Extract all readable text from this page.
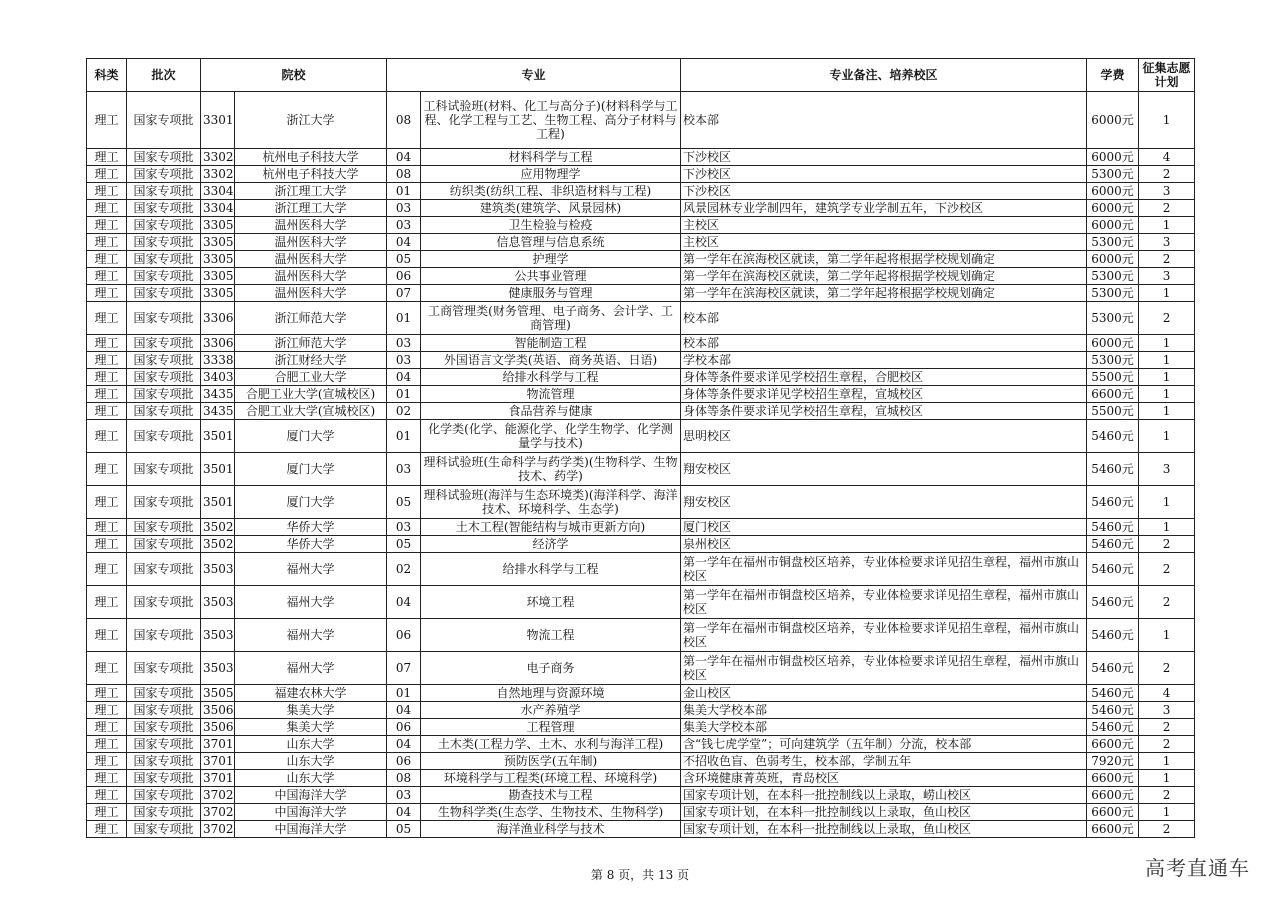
科类	批次	院校		专业		专业备注、培养校区	学费	征集志愿计划
理工	国家专项批	3301	浙江大学	08	工科试验班(材料、化工与高分子)(材料科学与工程、化学工程与工艺、生物工程、高分子材料与工程)	校本部	6000元	1
理工	国家专项批	3302	杭州电子科技大学	04	材料科学与工程	下沙校区	6000元	4
理工	国家专项批	3302	杭州电子科技大学	08	应用物理学	下沙校区	5300元	2
理工	国家专项批	3304	浙江理工大学	01	纺织类(纺织工程、非织造材料与工程)	下沙校区	6000元	3
理工	国家专项批	3304	浙江理工大学	03	建筑类(建筑学、风景园林)	风景园林专业学制四年，建筑学专业学制五年，下沙校区	6000元	2
理工	国家专项批	3305	温州医科大学	03	卫生检验与检疫	主校区	6000元	1
理工	国家专项批	3305	温州医科大学	04	信息管理与信息系统	主校区	5300元	3
理工	国家专项批	3305	温州医科大学	05	护理学	第一学年在滨海校区就读，第二学年起将根据学校规划确定	6000元	2
理工	国家专项批	3305	温州医科大学	06	公共事业管理	第一学年在滨海校区就读，第二学年起将根据学校规划确定	5300元	3
理工	国家专项批	3305	温州医科大学	07	健康服务与管理	第一学年在滨海校区就读，第二学年起将根据学校规划确定	5300元	1
理工	国家专项批	3306	浙江师范大学	01	工商管理类(财务管理、电子商务、会计学、工商管理)	校本部	5300元	2
理工	国家专项批	3306	浙江师范大学	03	智能制造工程	校本部	6000元	1
理工	国家专项批	3338	浙江财经大学	03	外国语言文学类(英语、商务英语、日语)	学校本部	5300元	1
理工	国家专项批	3403	合肥工业大学	04	给排水科学与工程	身体等条件要求详见学校招生章程，合肥校区	5500元	1
理工	国家专项批	3435	合肥工业大学(宣城校区)	01	物流管理	身体等条件要求详见学校招生章程，宣城校区	6600元	1
理工	国家专项批	3435	合肥工业大学(宣城校区)	02	食品营养与健康	身体等条件要求详见学校招生章程，宣城校区	5500元	1
理工	国家专项批	3501	厦门大学	01	化学类(化学、能源化学、化学生物学、化学测量学与技术)	思明校区	5460元	1
理工	国家专项批	3501	厦门大学	03	理科试验班(生命科学与药学类)(生物科学、生物技术、药学)	翔安校区	5460元	3
理工	国家专项批	3501	厦门大学	05	理科试验班(海洋与生态环境类)(海洋科学、海洋技术、环境科学、生态学)	翔安校区	5460元	1
理工	国家专项批	3502	华侨大学	03	土木工程(智能结构与城市更新方向)	厦门校区	5460元	1
理工	国家专项批	3502	华侨大学	05	经济学	泉州校区	5460元	2
理工	国家专项批	3503	福州大学	02	给排水科学与工程	第一学年在福州市铜盘校区培养，专业体检要求详见招生章程，福州市旗山校区	5460元	2
理工	国家专项批	3503	福州大学	04	环境工程	第一学年在福州市铜盘校区培养，专业体检要求详见招生章程，福州市旗山校区	5460元	2
理工	国家专项批	3503	福州大学	06	物流工程	第一学年在福州市铜盘校区培养，专业体检要求详见招生章程，福州市旗山校区	5460元	1
理工	国家专项批	3503	福州大学	07	电子商务	第一学年在福州市铜盘校区培养，专业体检要求详见招生章程，福州市旗山校区	5460元	2
理工	国家专项批	3505	福建农林大学	01	自然地理与资源环境	金山校区	5460元	4
理工	国家专项批	3506	集美大学	04	水产养殖学	集美大学校本部	5460元	3
理工	国家专项批	3506	集美大学	06	工程管理	集美大学校本部	5460元	2
理工	国家专项批	3701	山东大学	04	土木类(工程力学、土木、水利与海洋工程)	含“钱七虎学堂”；可向建筑学（五年制）分流，校本部	6600元	2
理工	国家专项批	3701	山东大学	06	预防医学(五年制)	不招收色盲、色弱考生，校本部，学制五年	7920元	1
理工	国家专项批	3701	山东大学	08	环境科学与工程类(环境工程、环境科学)	含环境健康菁英班，青岛校区	6600元	1
理工	国家专项批	3702	中国海洋大学	03	勘查技术与工程	国家专项计划，在本科一批控制线以上录取，崂山校区	6600元	2
理工	国家专项批	3702	中国海洋大学	04	生物科学类(生态学、生物技术、生物科学)	国家专项计划，在本科一批控制线以上录取，鱼山校区	6600元	1
理工	国家专项批	3702	中国海洋大学	05	海洋渔业科学与技术	国家专项计划，在本科一批控制线以上录取，鱼山校区	6600元	2
第 8 页，共 13 页	高考直通车
